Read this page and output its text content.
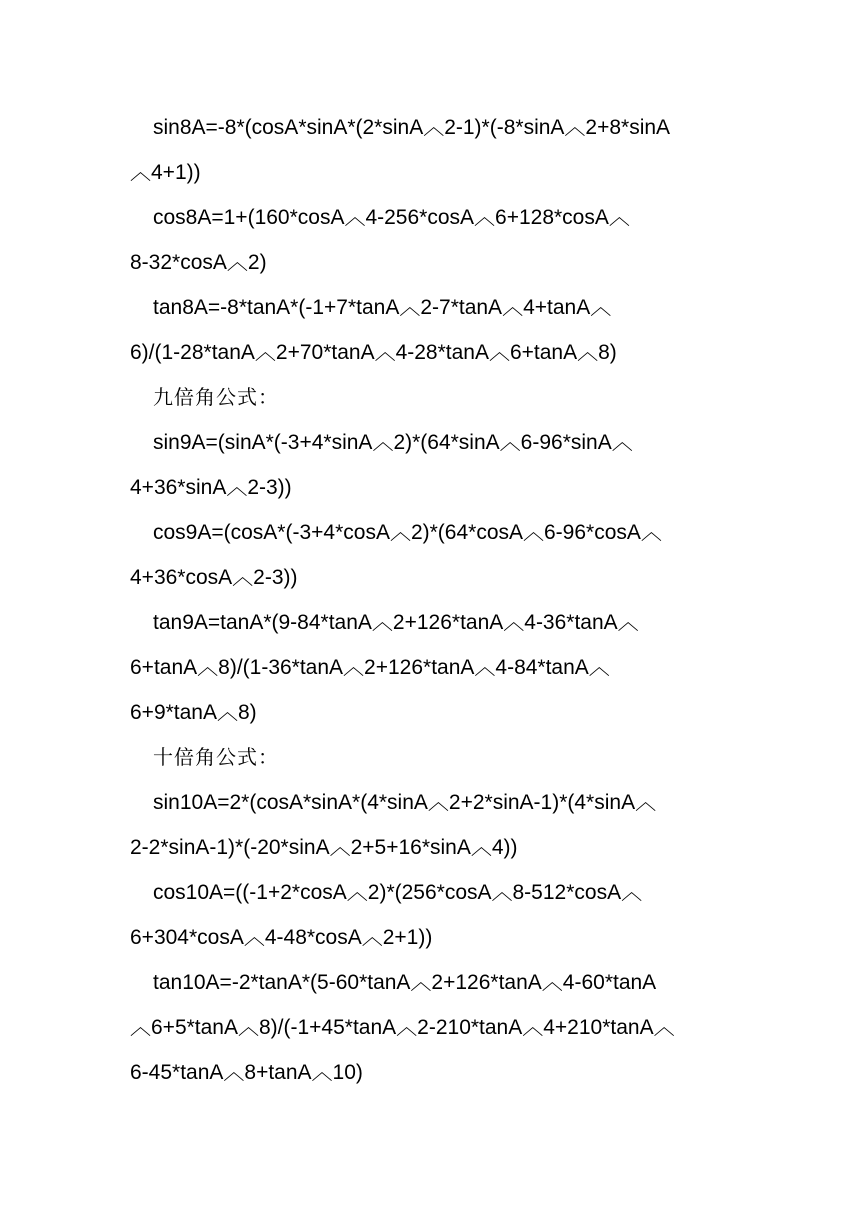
sin8A=-8*(cosA*sinA*(2*sinA︿2-1)*(-8*sinA︿2+8*sinA
︿4+1))
cos8A=1+(160*cosA︿4-256*cosA︿6+128*cosA︿
8-32*cosA︿2)
tan8A=-8*tanA*(-1+7*tanA︿2-7*tanA︿4+tanA︿
6)/(1-28*tanA︿2+70*tanA︿4-28*tanA︿6+tanA︿8)
九倍角公式：
sin9A=(sinA*(-3+4*sinA︿2)*(64*sinA︿6-96*sinA︿
4+36*sinA︿2-3))
cos9A=(cosA*(-3+4*cosA︿2)*(64*cosA︿6-96*cosA︿
4+36*cosA︿2-3))
tan9A=tanA*(9-84*tanA︿2+126*tanA︿4-36*tanA︿
6+tanA︿8)/(1-36*tanA︿2+126*tanA︿4-84*tanA︿
6+9*tanA︿8)
十倍角公式：
sin10A=2*(cosA*sinA*(4*sinA︿2+2*sinA-1)*(4*sinA︿
2-2*sinA-1)*(-20*sinA︿2+5+16*sinA︿4))
cos10A=((-1+2*cosA︿2)*(256*cosA︿8-512*cosA︿
6+304*cosA︿4-48*cosA︿2+1))
tan10A=-2*tanA*(5-60*tanA︿2+126*tanA︿4-60*tanA
︿6+5*tanA︿8)/(-1+45*tanA︿2-210*tanA︿4+210*tanA︿
6-45*tanA︿8+tanA︿10)
